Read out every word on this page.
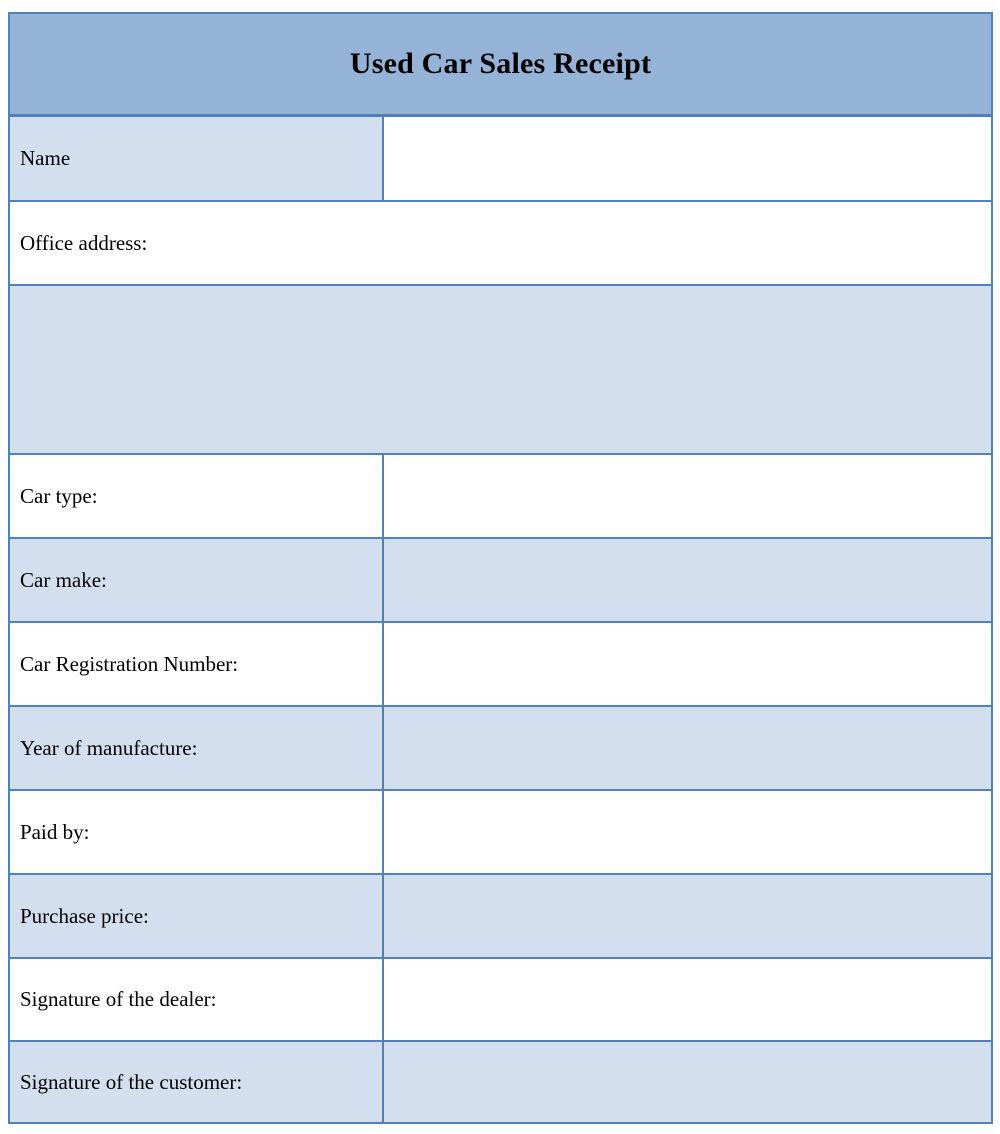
Used Car Sales Receipt
Name
Office address:
Car type:
Car make:
Car Registration Number:
Year of manufacture:
Paid by:
Purchase price:
Signature of the dealer:
Signature of the customer:
